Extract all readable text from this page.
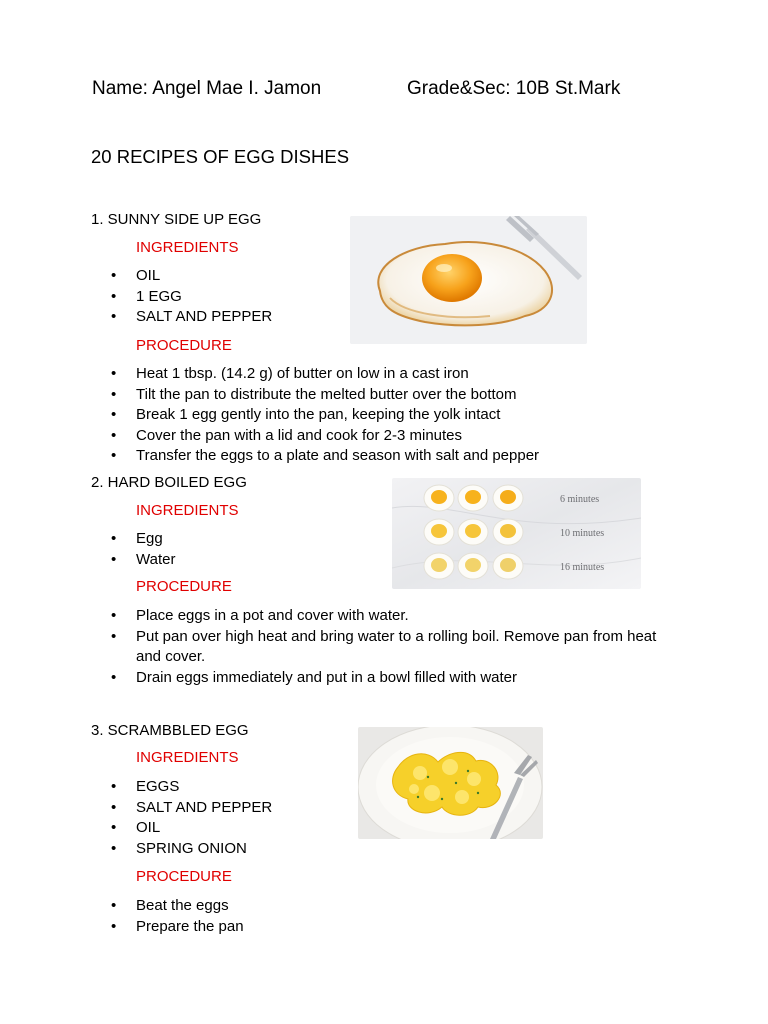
Name: Angel Mae I. Jamon	Grade&Sec: 10B St.Mark
20 RECIPES OF EGG DISHES
1. SUNNY SIDE UP EGG
INGREDIENTS
• OIL
• 1 EGG
• SALT AND PEPPER
PROCEDURE
• Heat 1 tbsp. (14.2 g) of butter on low in a cast iron
• Tilt the pan to distribute the melted butter over the bottom
• Break 1 egg gently into the pan, keeping the yolk intact
• Cover the pan with a lid and cook for 2-3 minutes
• Transfer the eggs to a plate and season with salt and pepper
2. HARD BOILED EGG
INGREDIENTS
• Egg
• Water
PROCEDURE
• Place eggs in a pot and cover with water.
• Put pan over high heat and bring water to a rolling boil. Remove pan from heat and cover.
• Drain eggs immediately and put in a bowl filled with water
6 minutes
10 minutes
16 minutes
3. SCRAMBBLED EGG
INGREDIENTS
• EGGS
• SALT AND PEPPER
• OIL
• SPRING ONION
PROCEDURE
• Beat the eggs
• Prepare the pan
